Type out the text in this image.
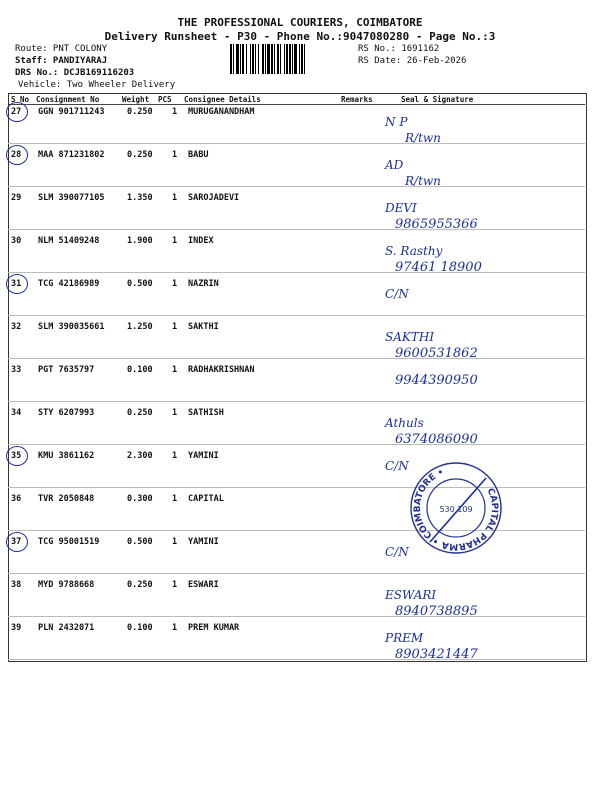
THE PROFESSIONAL COURIERS, COIMBATORE
Delivery Runsheet - P30 - Phone No.:9047080280 - Page No.:3
Route: PNT COLONY
Staff: PANDIYARAJ
DRS No.: DCJB169116203
Vehicle: Two Wheeler Delivery
RS No.: 1691162
RS Date: 26-Feb-2026
S No Consignment No	Weight PCS Consignee Details	Remarks	Seal & Signature
27 GGN 901711243	0.250 1 MURUGANANDHAM
N P
R/twn
28 MAA 871231802	0.250 1 BABU
AD
R/twn
29 SLM 390077105	1.350 1 SAROJADEVI
DEVI
9865955366
30 NLM 51409248	1.900 1 INDEX
S. Rasthy
97461 18900
31 TCG 42186989	0.500 1 NAZRIN
C/N
32 SLM 390035661	1.250 1 SAKTHI
SAKTHI
9600531862
33 PGT 7635797	0.100 1 RADHAKRISHNAN
9944390950
34 STY 6207993	0.250 1 SATHISH
Athuls
6374086090
35 KMU 3861162	2.300 1 YAMINI
C/N
36 TVR 2050848	0.300 1 CAPITAL
37 TCG 95001519	0.500 1 YAMINI
C/N
38 MYD 9788668	0.250 1 ESWARI
ESWARI
8940738895
39 PLN 2432071	0.100 1 PREM KUMAR
PREM
8903421447
CAPITAL PHARMA • COIMBATORE •
530 109
